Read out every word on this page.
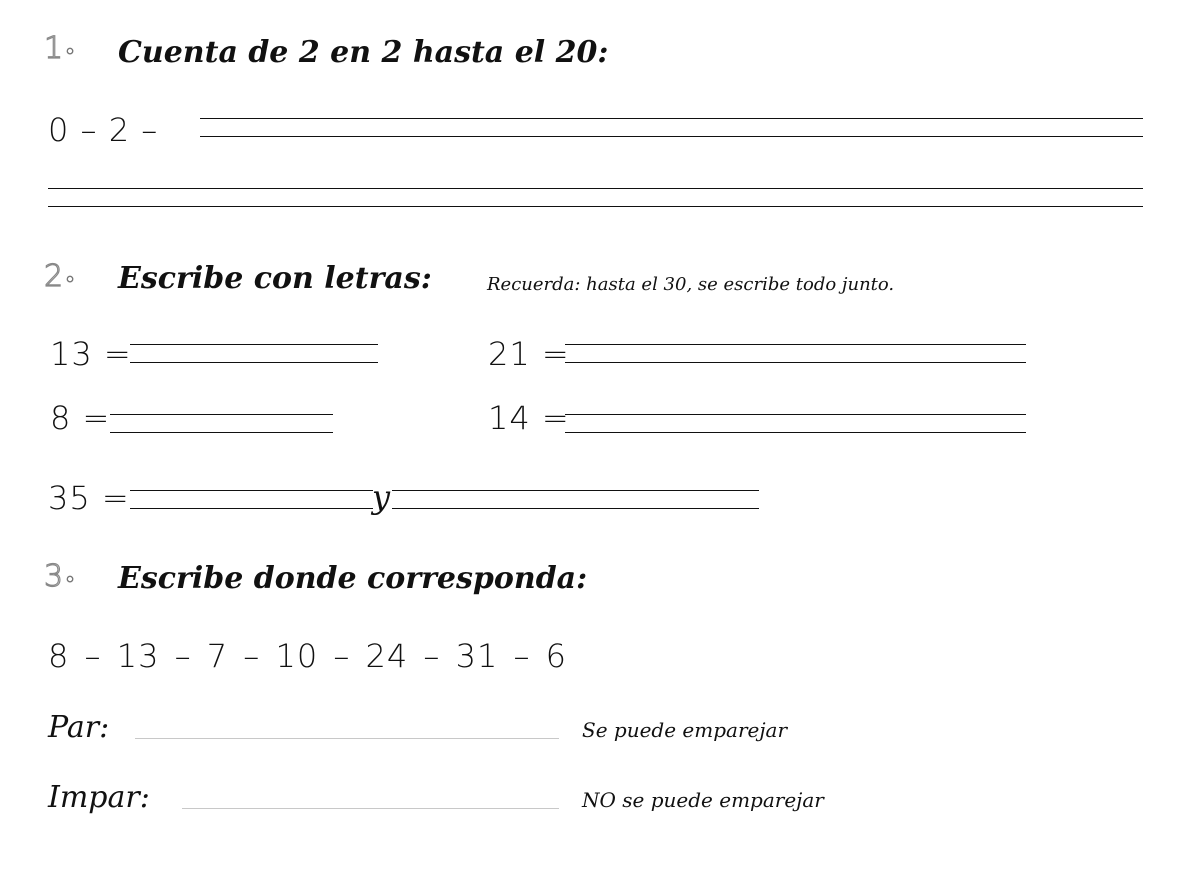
1∘ Cuenta de 2 en 2 hasta el 20:
0 – 2 –
2∘ Escribe con letras:	Recuerda: hasta el 30, se escribe todo junto.
13 =	21 =
8 =	14 =
35 =	y
3∘ Escribe donde corresponda:
8 – 13 – 7 – 10 – 24 – 31 – 6
Par:	Se puede emparejar
Impar:	NO se puede emparejar
